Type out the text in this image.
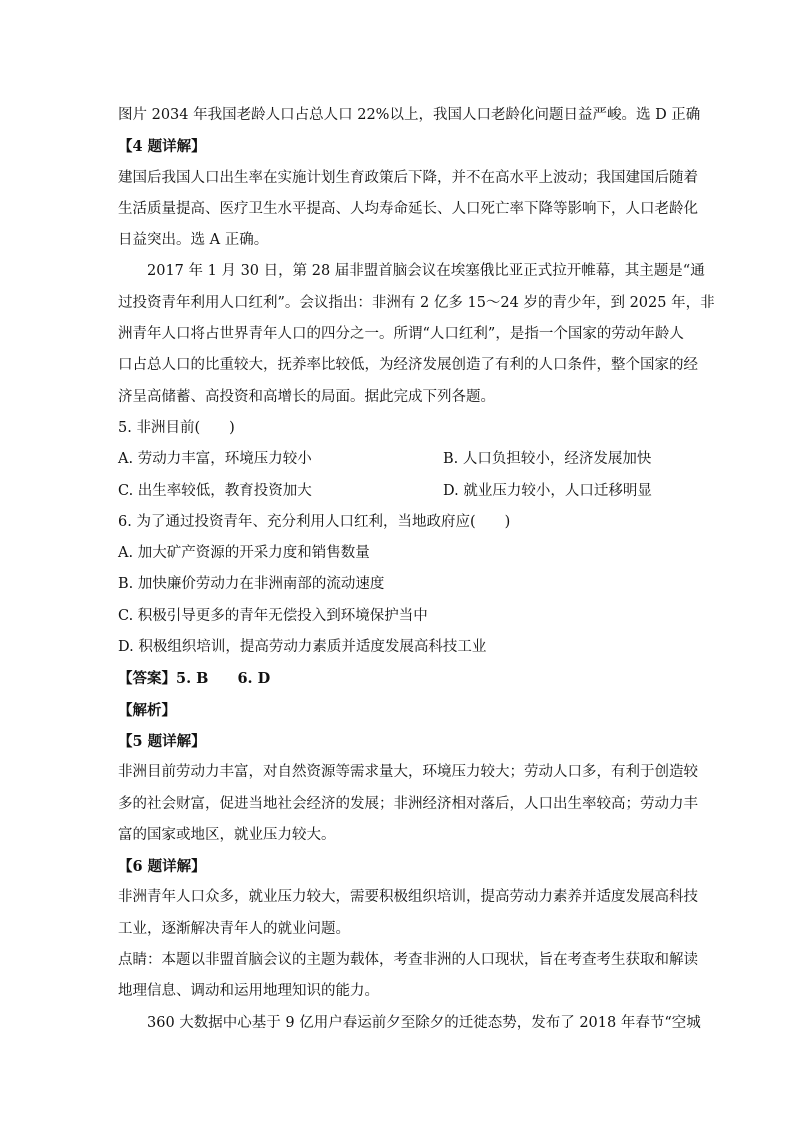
图片 2034 年我国老龄人口占总人口 22%以上，我国人口老龄化问题日益严峻。选 D 正确
【4 题详解】
建国后我国人口出生率在实施计划生育政策后下降，并不在高水平上波动；我国建国后随着
生活质量提高、医疗卫生水平提高、人均寿命延长、人口死亡率下降等影响下，人口老龄化
日益突出。选 A 正确。
2017 年 1 月 30 日，第 28 届非盟首脑会议在埃塞俄比亚正式拉开帷幕，其主题是“通
过投资青年利用人口红利”。会议指出：非洲有 2 亿多 15～24 岁的青少年，到 2025 年，非
洲青年人口将占世界青年人口的四分之一。所谓“人口红利”，是指一个国家的劳动年龄人
口占总人口的比重较大，抚养率比较低，为经济发展创造了有利的人口条件，整个国家的经
济呈高储蓄、高投资和高增长的局面。据此完成下列各题。
5. 非洲目前(　　)
A. 劳动力丰富，环境压力较小	B. 人口负担较小，经济发展加快
C. 出生率较低，教育投资加大	D. 就业压力较小，人口迁移明显
6. 为了通过投资青年、充分利用人口红利，当地政府应(　　)
A. 加大矿产资源的开采力度和销售数量
B. 加快廉价劳动力在非洲南部的流动速度
C. 积极引导更多的青年无偿投入到环境保护当中
D. 积极组织培训，提高劳动力素质并适度发展高科技工业
【答案】5. B　　6. D
【解析】
【5 题详解】
非洲目前劳动力丰富，对自然资源等需求量大，环境压力较大；劳动人口多，有利于创造较
多的社会财富，促进当地社会经济的发展；非洲经济相对落后，人口出生率较高；劳动力丰
富的国家或地区，就业压力较大。
【6 题详解】
非洲青年人口众多，就业压力较大，需要积极组织培训，提高劳动力素养并适度发展高科技
工业，逐渐解决青年人的就业问题。
点睛：本题以非盟首脑会议的主题为载体，考查非洲的人口现状，旨在考查考生获取和解读
地理信息、调动和运用地理知识的能力。
360 大数据中心基于 9 亿用户春运前夕至除夕的迁徙态势，发布了 2018 年春节“空城
